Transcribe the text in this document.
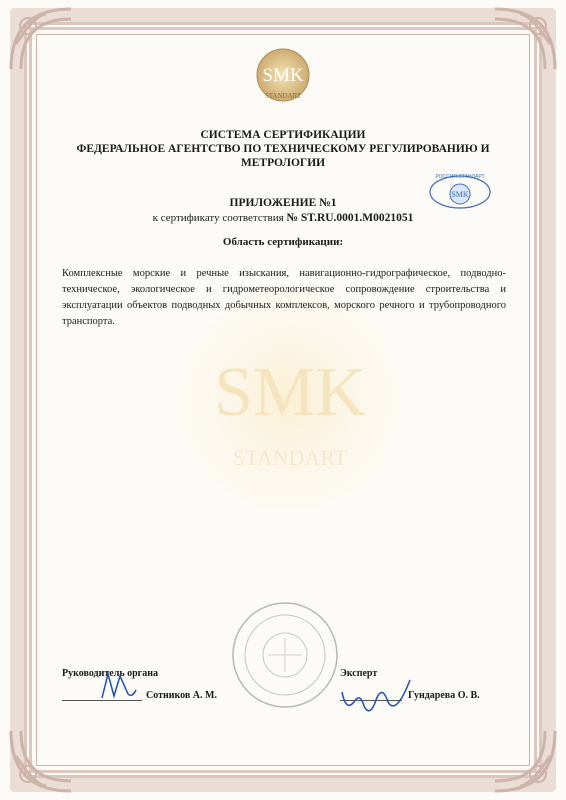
SMK
STANDART
SMK
STANDART
СИСТЕМА СЕРТИФИКАЦИИ
ФЕДЕРАЛЬНОЕ АГЕНТСТВО ПО ТЕХНИЧЕСКОМУ РЕГУЛИРОВАНИЮ И
МЕТРОЛОГИИ
РОССИЯ СТАНДАРТ
SMK
ПРИЛОЖЕНИЕ №1
к сертификату соответствия № ST.RU.0001.M0021051
Область сертификации:
Комплексные морские и речные изыскания, навигационно-гидрографическое, подводно-техническое, экологическое и гидрометеорологическое сопровождение строительства и эксплуатации объектов подводных добычных комплексов, морского речного и трубопроводного транспорта.
Руководитель органа
Сотников А. М.
Эксперт
Гундарева О. В.
